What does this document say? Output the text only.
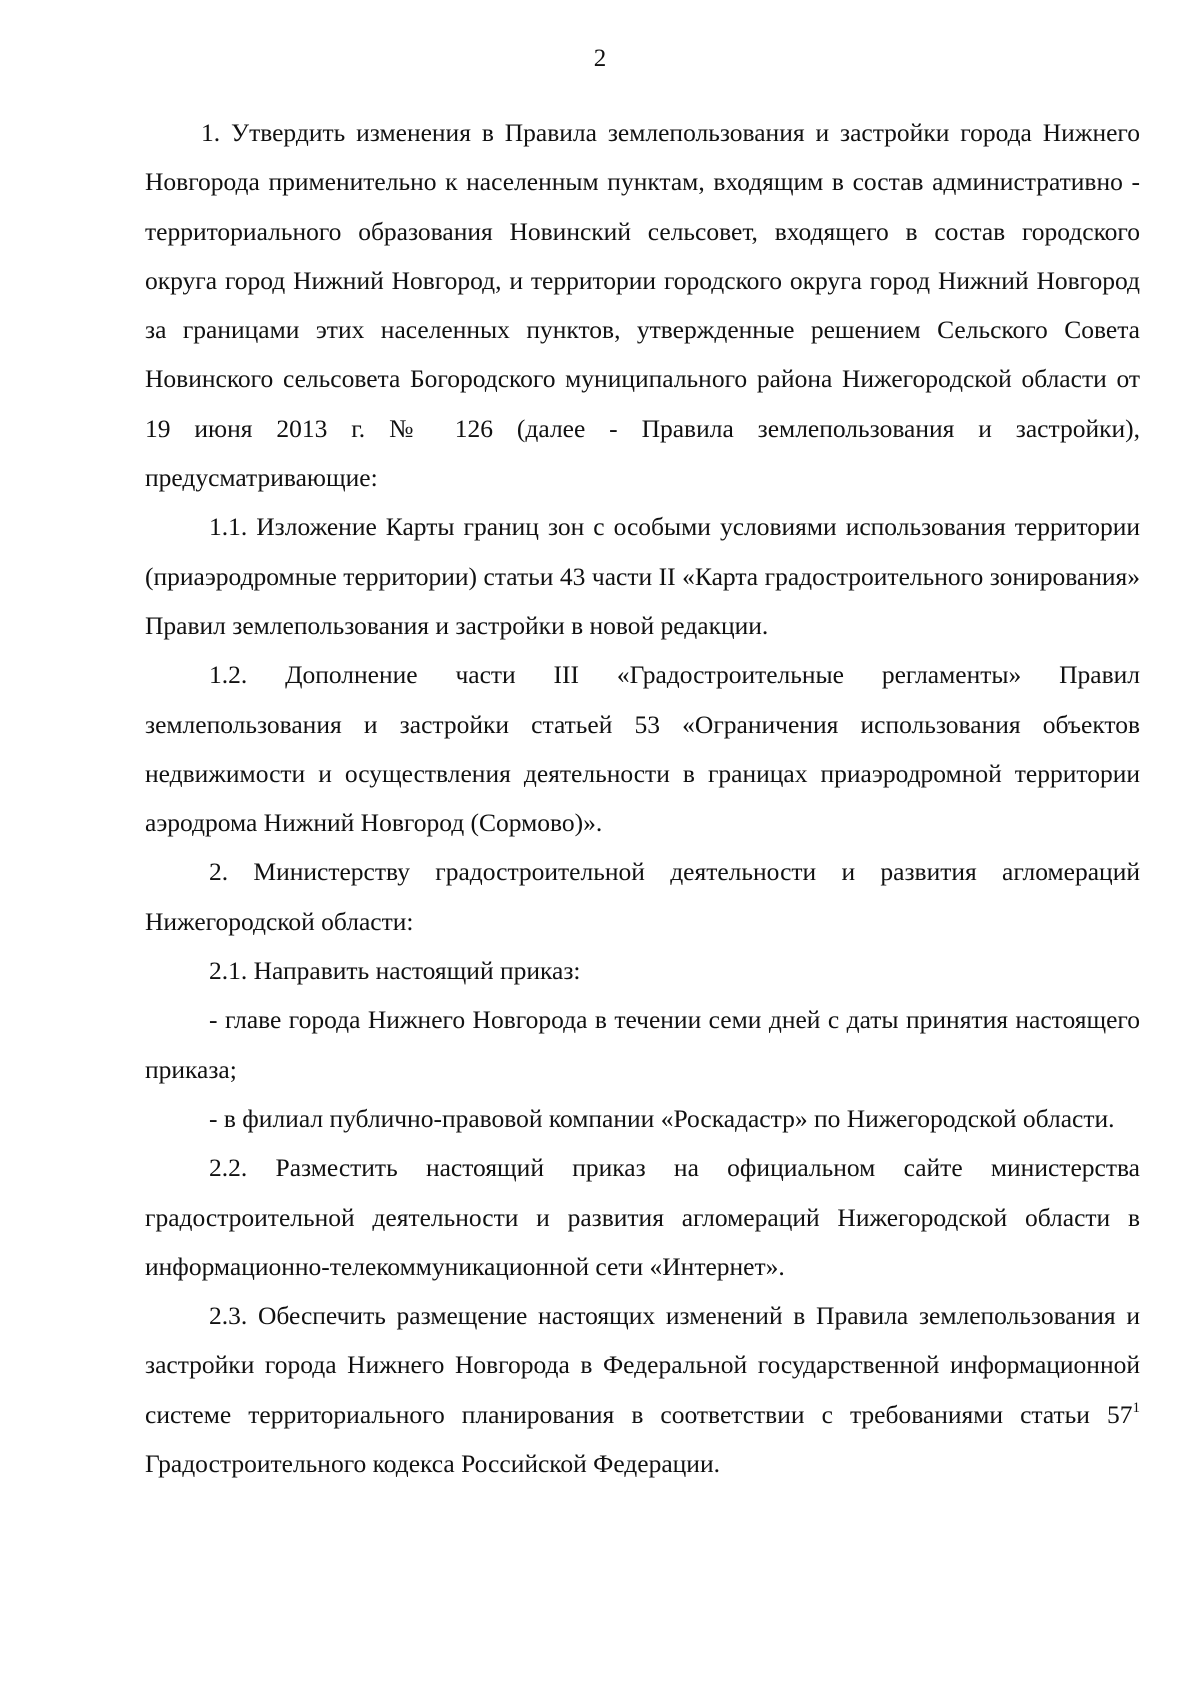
2

1. Утвердить изменения в Правила землепользования и застройки города Нижнего Новгорода применительно к населенным пунктам, входящим в состав административно - территориального образования Новинский сельсовет, входящего в состав городского округа город Нижний Новгород, и территории городского округа город Нижний Новгород за границами этих населенных пунктов, утвержденные решением Сельского Совета Новинского сельсовета Богородского муниципального района Нижегородской области от 19 июня 2013 г. № 126 (далее - Правила землепользования и застройки), предусматривающие:

1.1. Изложение Карты границ зон с особыми условиями использования территории (приаэродромные территории) статьи 43 части II «Карта градостроительного зонирования» Правил землепользования и застройки в новой редакции.

1.2. Дополнение части III «Градостроительные регламенты» Правил землепользования и застройки статьей 53 «Ограничения использования объектов недвижимости и осуществления деятельности в границах приаэродромной территории аэродрома Нижний Новгород (Сормово)».

2. Министерству градостроительной деятельности и развития агломераций Нижегородской области:

2.1. Направить настоящий приказ:

- главе города Нижнего Новгорода в течении семи дней с даты принятия настоящего приказа;

- в филиал публично-правовой компании «Роскадастр» по Нижегородской области.

2.2. Разместить настоящий приказ на официальном сайте министерства градостроительной деятельности и развития агломераций Нижегородской области в информационно-телекоммуникационной сети «Интернет».

2.3. Обеспечить размещение настоящих изменений в Правила землепользования и застройки города Нижнего Новгорода в Федеральной государственной информационной системе территориального планирования в соответствии с требованиями статьи $57^1$ Градостроительного кодекса Российской Федерации.
